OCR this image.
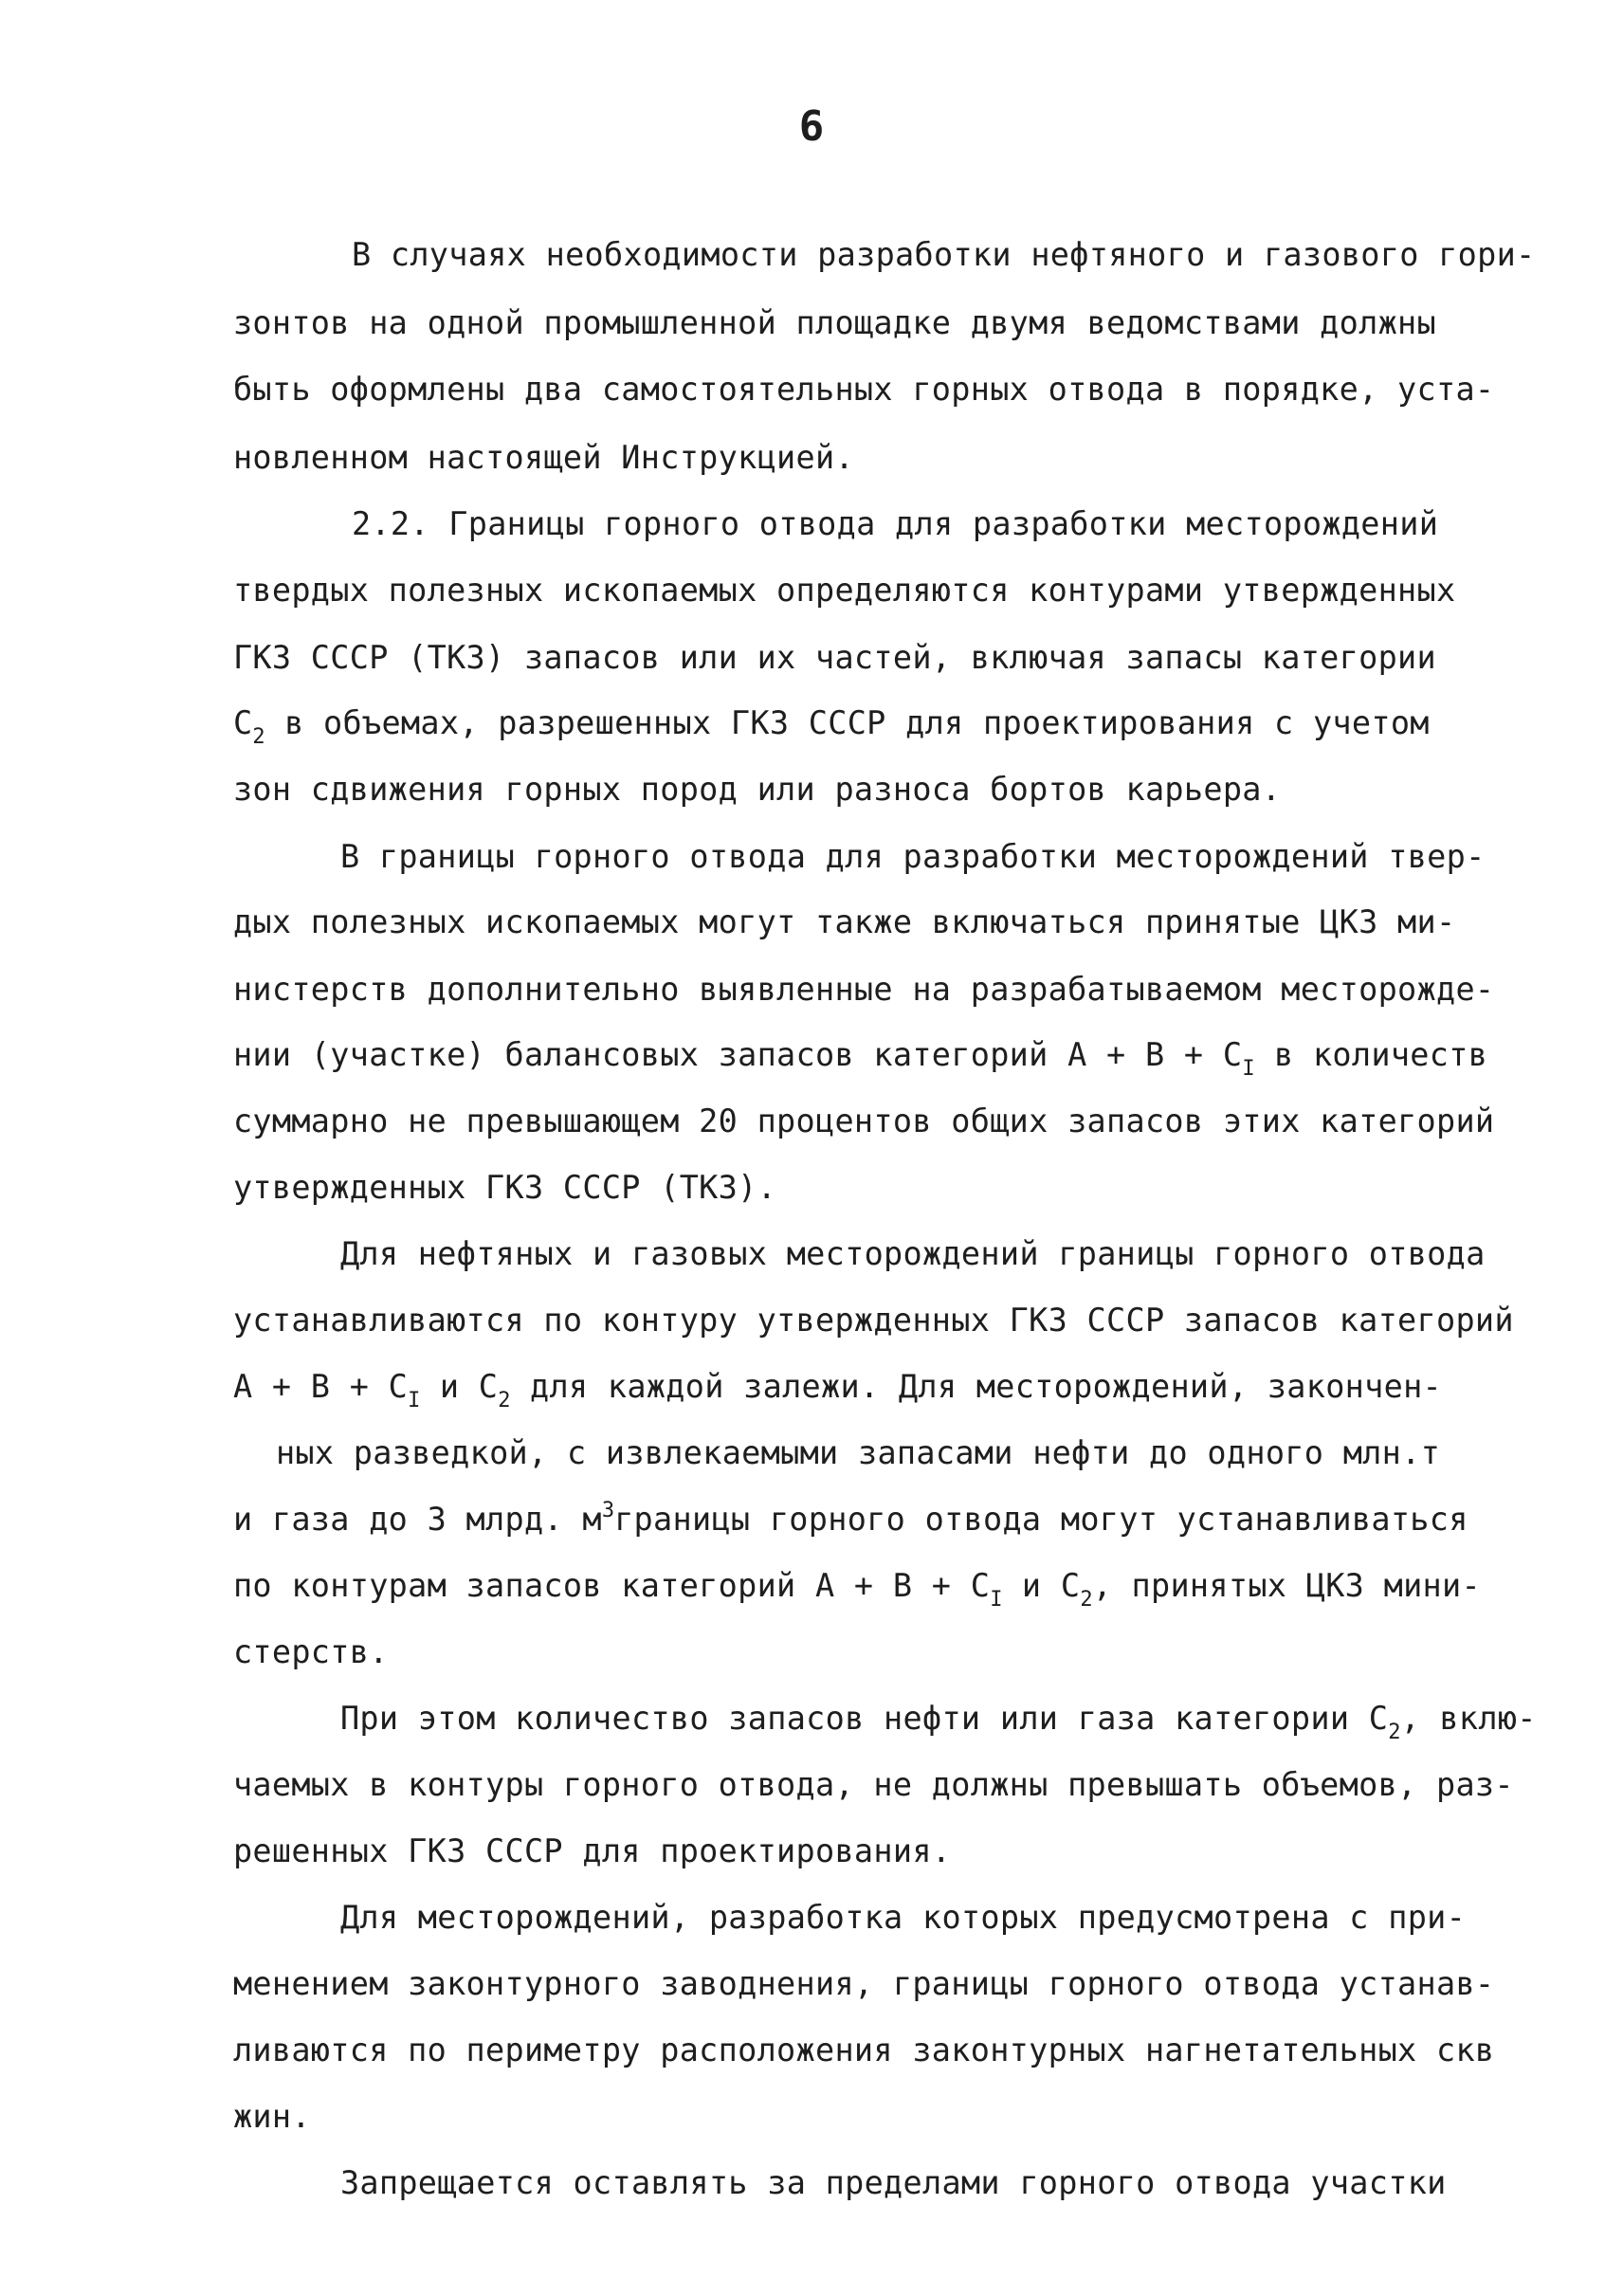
6

В случаях необходимости разработки нефтяного и газового гори-

зонтов на одной промышленной площадке двумя ведомствами должны

быть оформлены два самостоятельных горных отвода в порядке, уста-

новленном настоящей Инструкцией.

2.2. Границы горного отвода для разработки месторождений

твердых полезных ископаемых определяются контурами утвержденных

ГКЗ СССР (ТКЗ) запасов или их частей, включая запасы категории

$C_2$ в объемах, разрешенных ГКЗ СССР для проектирования с учетом

зон сдвижения горных пород или разноса бортов карьера.

В границы горного отвода для разработки месторождений твер-

дых полезных ископаемых могут также включаться принятые ЦКЗ ми-

нистерств дополнительно выявленные на разрабатываемом месторожде-

нии (участке) балансовых запасов категорий $A + B + C_I$ в количеств

суммарно не превышающем 20 процентов общих запасов этих категорий

утвержденных ГКЗ СССР (ТКЗ).

Для нефтяных и газовых месторождений границы горного отвода

устанавливаются по контуру утвержденных ГКЗ СССР запасов категорий

$A + B + C_I$ и $C_2$ для каждой залежи. Для месторождений, закончен-

ных разведкой, с извлекаемыми запасами нефти до одного млн.т

и газа до 3 млрд. $м^3границы$ горного отвода могут устанавливаться

по контурам запасов категорий $A + B + C_I$ и $C_2$, принятых ЦКЗ мини-

стерств.

При этом количество запасов нефти или газа категории $C_2$, вклю-

чаемых в контуры горного отвода, не должны превышать объемов, раз-

решенных ГКЗ СССР для проектирования.

Для месторождений, разработка которых предусмотрена с при-

менением законтурного заводнения, границы горного отвода устанав-

ливаются по периметру расположения законтурных нагнетательных скв

жин.

Запрещается оставлять за пределами горного отвода участки
